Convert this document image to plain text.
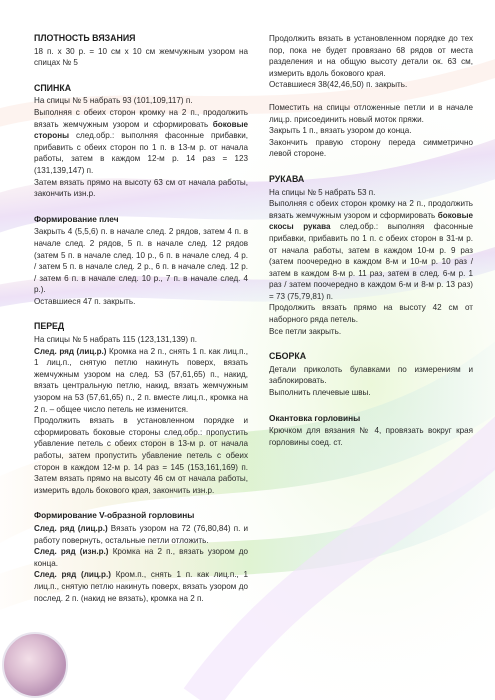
ПЛОТНОСТЬ ВЯЗАНИЯ

18 п. х 30 р. = 10 см х 10 см жемчужным узором на спицах № 5

СПИНКА

На спицы № 5 набрать 93 (101,109,117) п.

Выполняя с обеих сторон кромку на 2 п., продолжить вязать жемчужным узором и сформировать боковые стороны след.обр.: выполняя фасонные прибавки, прибавить с обеих сторон по 1 п. в 13-м р. от начала работы, затем в каждом 12-м р. 14 раз = 123 (131,139,147) п.

Затем вязать прямо на высоту 63 см от начала работы, закончить изн.р.

Формирование плеч

Закрыть 4 (5,5,6) п. в начале след. 2 рядов, затем 4 п. в начале след. 2 рядов, 5 п. в начале след. 12 рядов (затем 5 п. в начале след. 10 р., 6 п. в начале след. 4 р. / затем 5 п. в начале след. 2 р., 6 п. в начале след. 12 р. / затем 6 п. в начале след. 10 р., 7 п. в начале след. 4 р.).

Оставшиеся 47 п. закрыть.

ПЕРЕД

На спицы № 5 набрать 115 (123,131,139) п.

След. ряд (лиц.р.) Кромка на 2 п., снять 1 п. как лиц.п., 1 лиц.п., снятую петлю накинуть поверх, вязать жемчужным узором на след. 53 (57,61,65) п., накид, вязать центральную петлю, накид, вязать жемчужным узором на 53 (57,61,65) п., 2 п. вместе лиц.п., кромка на 2 п. – общее число петель не изменится.

Продолжить вязать в установленном порядке и сформировать боковые стороны след.обр.: пропустить убавление петель с обеих сторон в 13-м р. от начала работы, затем пропустить убавление петель с обеих сторон в каждом 12-м р. 14 раз = 145 (153,161,169) п. Затем вязать прямо на высоту 46 см от начала работы, измерить вдоль бокового края, закончить изн.р.

Формирование V-образной горловины

След. ряд (лиц.р.) Вязать узором на 72 (76,80,84) п. и работу повернуть, остальные петли отложить.

След. ряд (изн.р.) Кромка на 2 п., вязать узором до конца.

След. ряд (лиц.р.) Кром.п., снять 1 п. как лиц.п., 1 лиц.п., снятую петлю накинуть поверх, вязать узором до послед. 2 п. (накид не вязать), кромка на 2 п.

Продолжить вязать в установленном порядке до тех пор, пока не будет провязано 68 рядов от места разделения и на общую высоту детали ок. 63 см, измерить вдоль бокового края.

Оставшиеся 38(42,46,50) п. закрыть.

Поместить на спицы отложенные петли и в начале лиц.р. присоединить новый моток пряжи.

Закрыть 1 п., вязать узором до конца.

Закончить правую сторону переда симметрично левой стороне.

РУКАВА

На спицы № 5 набрать 53 п.

Выполняя с обеих сторон кромку на 2 п., продолжить вязать жемчужным узором и сформировать боковые скосы рукава след.обр.: выполняя фасонные прибавки, прибавить по 1 п. с обеих сторон в 31-м р. от начала работы, затем в каждом 10-м р. 9 раз (затем поочередно в каждом 8-м и 10-м р. 10 раз / затем в каждом 8-м р. 11 раз, затем в след. 6-м р. 1 раз / затем поочередно в каждом 6-м и 8-м р. 13 раз) = 73 (75,79,81) п.

Продолжить вязать прямо на высоту 42 см от наборного ряда петель.

Все петли закрыть.

СБОРКА

Детали приколоть булавками по измерениям и заблокировать.

Выполнить плечевые швы.

Окантовка горловины

Крючком для вязания № 4, провязать вокруг края горловины соед. ст.
